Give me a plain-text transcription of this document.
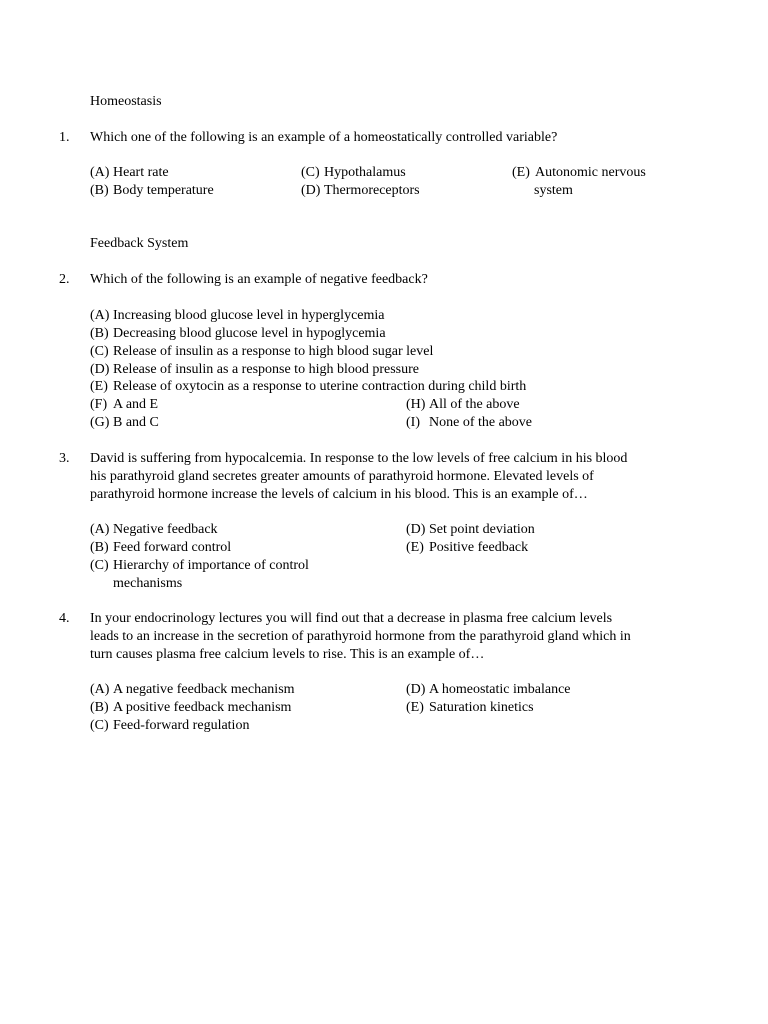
Homeostasis
1. Which one of the following is an example of a homeostatically controlled variable?
(A) Heart rate
(B) Body temperature
(C) Hypothalamus
(D) Thermoreceptors
(E) Autonomic nervous
system
Feedback System
2. Which of the following is an example of negative feedback?
(A) Increasing blood glucose level in hyperglycemia
(B) Decreasing blood glucose level in hypoglycemia
(C) Release of insulin as a response to high blood sugar level
(D) Release of insulin as a response to high blood pressure
(E) Release of oxytocin as a response to uterine contraction during child birth
(F) A and E
(G) B and C
(H) All of the above
(I) None of the above
3. David is suffering from hypocalcemia. In response to the low levels of free calcium in his blood
his parathyroid gland secretes greater amounts of parathyroid hormone. Elevated levels of
parathyroid hormone increase the levels of calcium in his blood. This is an example of…
(A) Negative feedback
(B) Feed forward control
(C) Hierarchy of importance of control
mechanisms
(D) Set point deviation
(E) Positive feedback
4. In your endocrinology lectures you will find out that a decrease in plasma free calcium levels
leads to an increase in the secretion of parathyroid hormone from the parathyroid gland which in
turn causes plasma free calcium levels to rise. This is an example of…
(A) A negative feedback mechanism
(B) A positive feedback mechanism
(C) Feed-forward regulation
(D) A homeostatic imbalance
(E) Saturation kinetics
